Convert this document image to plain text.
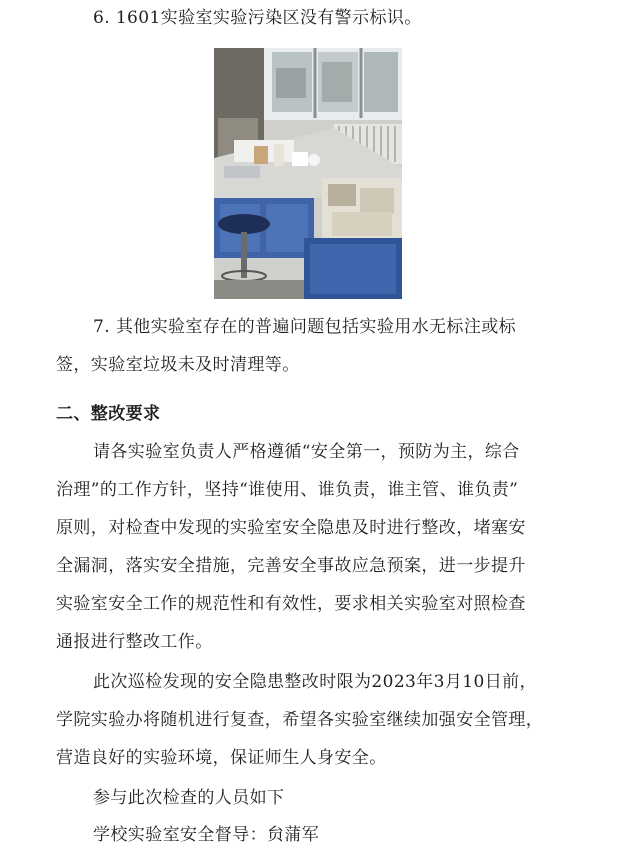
6. 1601实验室实验污染区没有警示标识。

7. 其他实验室存在的普遍问题包括实验用水无标注或标

签，实验室垃圾未及时清理等。

二、整改要求

请各实验室负责人严格遵循“安全第一，预防为主，综合

治理”的工作方针，坚持“谁使用、谁负责，谁主管、谁负责”

原则，对检查中发现的实验室安全隐患及时进行整改，堵塞安

全漏洞，落实安全措施，完善安全事故应急预案，进一步提升

实验室安全工作的规范性和有效性，要求相关实验室对照检查

通报进行整改工作。

此次巡检发现的安全隐患整改时限为2023年3月10日前，

学院实验办将随机进行复查，希望各实验室继续加强安全管理，

营造良好的实验环境，保证师生人身安全。

参与此次检查的人员如下

学校实验室安全督导：贠蒲军
